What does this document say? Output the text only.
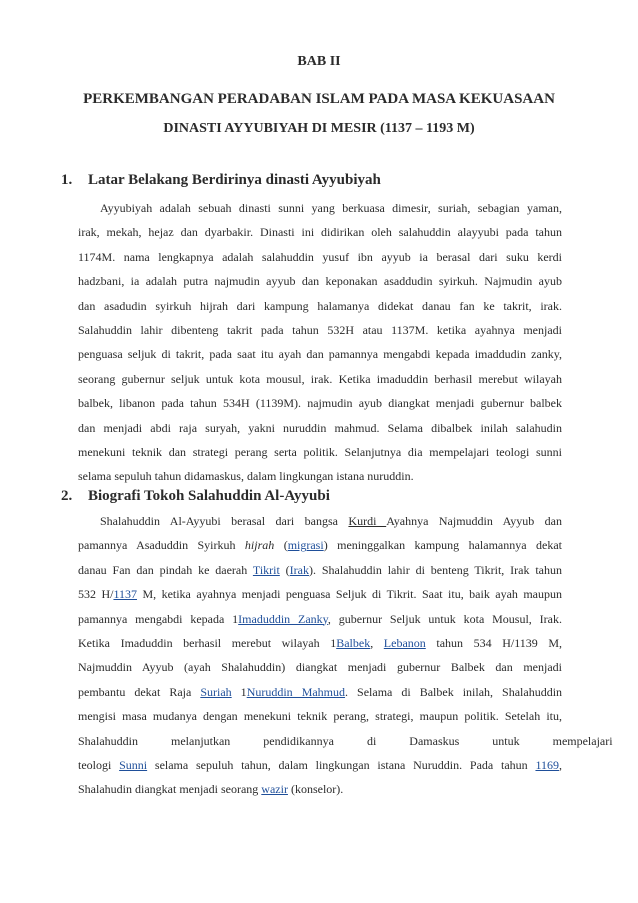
BAB II
PERKEMBANGAN PERADABAN ISLAM PADA MASA KEKUASAAN
DINASTI AYYUBIYAH DI MESIR (1137 – 1193 M)
1. Latar Belakang Berdirinya dinasti Ayyubiyah
Ayyubiyah adalah sebuah dinasti sunni yang berkuasa dimesir, suriah, sebagian yaman,
irak, mekah, hejaz dan dyarbakir. Dinasti ini didirikan oleh salahuddin alayyubi pada tahun
1174M. nama lengkapnya adalah salahuddin yusuf ibn ayyub ia berasal dari suku kerdi
hadzbani, ia adalah putra najmudin ayyub dan keponakan asaddudin syirkuh. Najmudin ayub
dan asadudin syirkuh hijrah dari kampung halamanya didekat danau fan ke takrit, irak.
Salahuddin lahir dibenteng takrit pada tahun 532H atau 1137M. ketika ayahnya menjadi
penguasa seljuk di takrit, pada saat itu ayah dan pamannya mengabdi kepada imaddudin zanky,
seorang gubernur seljuk untuk kota mousul, irak. Ketika imaduddin berhasil merebut wilayah
balbek, libanon pada tahun 534H (1139M). najmudin ayub diangkat menjadi gubernur balbek
dan menjadi abdi raja suryah, yakni nuruddin mahmud. Selama dibalbek inilah salahudin
menekuni teknik dan strategi perang serta politik. Selanjutnya dia mempelajari teologi sunni
selama sepuluh tahun didamaskus, dalam lingkungan istana nuruddin.
2. Biografi Tokoh Salahuddin Al-Ayyubi
Shalahuddin Al-Ayyubi berasal dari bangsa Kurdi Ayahnya Najmuddin Ayyub dan
pamannya Asaduddin Syirkuh hijrah (migrasi) meninggalkan kampung halamannya dekat
danau Fan dan pindah ke daerah Tikrit (Irak). Shalahuddin lahir di benteng Tikrit, Irak tahun
532 H/1137 M, ketika ayahnya menjadi penguasa Seljuk di Tikrit. Saat itu, baik ayah maupun
pamannya mengabdi kepada 1Imaduddin Zanky, gubernur Seljuk untuk kota Mousul, Irak.
Ketika Imaduddin berhasil merebut wilayah 1Balbek, Lebanon tahun 534 H/1139 M,
Najmuddin Ayyub (ayah Shalahuddin) diangkat menjadi gubernur Balbek dan menjadi
pembantu dekat Raja Suriah 1Nuruddin Mahmud. Selama di Balbek inilah, Shalahuddin
mengisi masa mudanya dengan menekuni teknik perang, strategi, maupun politik. Setelah itu,
Shalahuddin melanjutkan pendidikannya di Damaskus untuk mempelajari
teologi Sunni selama sepuluh tahun, dalam lingkungan istana Nuruddin. Pada tahun 1169,
Shalahudin diangkat menjadi seorang wazir (konselor).
